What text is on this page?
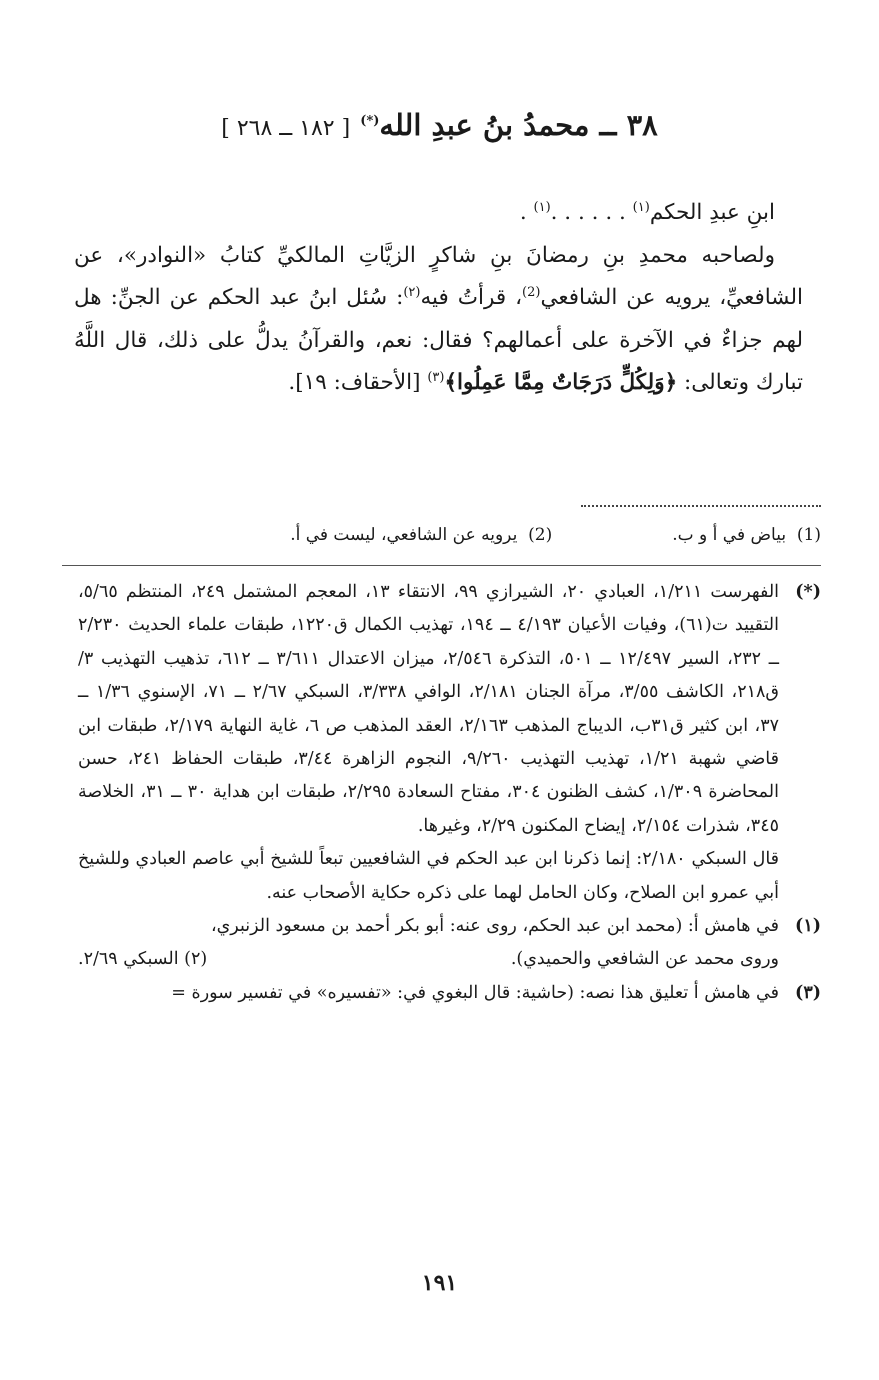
٣٨ ــ محمدُ بنُ عبدِ الله(*) [ ١٨٢ ــ ٢٦٨ ]

ابنِ عبدِ الحكم$^{(١)}$ . . . . . .$^{(١)}$ .

ولصاحبه محمدِ بنِ رمضانَ بنِ شاكرٍ الزيَّاتِ المالكيِّ كتابُ «النوادر»، عن الشافعيِّ، يرويه عن الشافعي$^{(2)}$، قرأتُ فيه$^{(٢)}$: سُئل ابنُ عبد الحكم عن الجنِّ: هل لهم جزاءٌ في الآخرة على أعمالهم؟ فقال: نعم، والقرآنُ يدلُّ على ذلك، قال اللَّهُ تبارك وتعالى: ﴿وَلِكُلٍّ دَرَجَاتٌ مِمَّا عَمِلُوا﴾$^{(٣)}$ [الأحقاف: ١٩].

(1)  بياض في أ و ب.
(2)  يرويه عن الشافعي، ليست في أ.
(*)
الفهرست ١/٢١١، العبادي ٢٠، الشيرازي ٩٩، الانتقاء ١٣، المعجم المشتمل ٢٤٩، المنتظم ٥/٦٥، التقييد ت(٦١)، وفيات الأعيان ٤/١٩٣ ــ ١٩٤، تهذيب الكمال ق١٢٢٠، طبقات علماء الحديث ٢/٢٣٠ ــ ٢٣٢، السير ١٢/٤٩٧ ــ ٥٠١، التذكرة ٢/٥٤٦، ميزان الاعتدال ٣/٦١١ ــ ٦١٢، تذهيب التهذيب ٣/ق٢١٨، الكاشف ٣/٥٥، مرآة الجنان ٢/١٨١، الوافي ٣/٣٣٨، السبكي ٢/٦٧ ــ ٧١، الإسنوي ١/٣٦ ــ ٣٧، ابن كثير ق٣١ب، الديباج المذهب ٢/١٦٣، العقد المذهب ص ٦، غاية النهاية ٢/١٧٩، طبقات ابن قاضي شهبة ١/٢١، تهذيب التهذيب ٩/٢٦٠، النجوم الزاهرة ٣/٤٤، طبقات الحفاظ ٢٤١، حسن المحاضرة ١/٣٠٩، كشف الظنون ٣٠٤، مفتاح السعادة ٢/٢٩٥، طبقات ابن هداية ٣٠ ــ ٣١، الخلاصة ٣٤٥، شذرات ٢/١٥٤، إيضاح المكنون ٢/٢٩، وغيرها.

قال السبكي ٢/١٨٠: إنما ذكرنا ابن عبد الحكم في الشافعيين تبعاً للشيخ أبي عاصم العبادي وللشيخ أبي عمرو ابن الصلاح، وكان الحامل لهما على ذكره حكاية الأصحاب عنه.

(١)
في هامش أ: (محمد ابن عبد الحكم، روى عنه: أبو بكر أحمد بن مسعود الزنبري،
وروى محمد عن الشافعي والحميدي).
(٢) السبكي ٢/٦٩.
(٣)
في هامش أ تعليق هذا نصه: (حاشية: قال البغوي في: «تفسيره» في تفسير سورة =
١٩١
